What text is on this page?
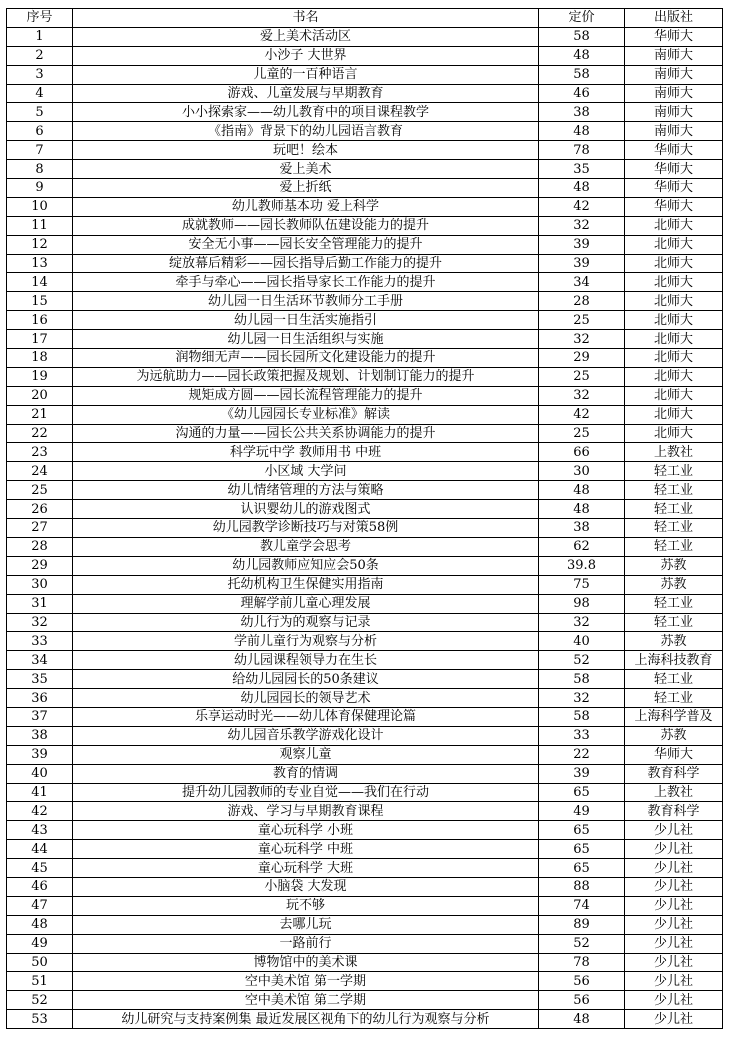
序号	书名	定价	出版社
1	爱上美术活动区	58	华师大
2	小沙子 大世界	48	南师大
3	儿童的一百种语言	58	南师大
4	游戏、儿童发展与早期教育	46	南师大
5	小小探索家——幼儿教育中的项目课程教学	38	南师大
6	《指南》背景下的幼儿园语言教育	48	南师大
7	玩吧！绘本	78	华师大
8	爱上美术	35	华师大
9	爱上折纸	48	华师大
10	幼儿教师基本功 爱上科学	42	华师大
11	成就教师——园长教师队伍建设能力的提升	32	北师大
12	安全无小事——园长安全管理能力的提升	39	北师大
13	绽放幕后精彩——园长指导后勤工作能力的提升	39	北师大
14	牵手与牵心——园长指导家长工作能力的提升	34	北师大
15	幼儿园一日生活环节教师分工手册	28	北师大
16	幼儿园一日生活实施指引	25	北师大
17	幼儿园一日生活组织与实施	32	北师大
18	润物细无声——园长园所文化建设能力的提升	29	北师大
19	为远航助力——园长政策把握及规划、计划制订能力的提升	25	北师大
20	规矩成方圆——园长流程管理能力的提升	32	北师大
21	《幼儿园园长专业标准》解读	42	北师大
22	沟通的力量——园长公共关系协调能力的提升	25	北师大
23	科学玩中学 教师用书 中班	66	上教社
24	小区域 大学问	30	轻工业
25	幼儿情绪管理的方法与策略	48	轻工业
26	认识婴幼儿的游戏图式	48	轻工业
27	幼儿园教学诊断技巧与对策58例	38	轻工业
28	教儿童学会思考	62	轻工业
29	幼儿园教师应知应会50条	39.8	苏教
30	托幼机构卫生保健实用指南	75	苏教
31	理解学前儿童心理发展	98	轻工业
32	幼儿行为的观察与记录	32	轻工业
33	学前儿童行为观察与分析	40	苏教
34	幼儿园课程领导力在生长	52	上海科技教育
35	给幼儿园园长的50条建议	58	轻工业
36	幼儿园园长的领导艺术	32	轻工业
37	乐享运动时光——幼儿体育保健理论篇	58	上海科学普及
38	幼儿园音乐教学游戏化设计	33	苏教
39	观察儿童	22	华师大
40	教育的情调	39	教育科学
41	提升幼儿园教师的专业自觉——我们在行动	65	上教社
42	游戏、学习与早期教育课程	49	教育科学
43	童心玩科学 小班	65	少儿社
44	童心玩科学 中班	65	少儿社
45	童心玩科学 大班	65	少儿社
46	小脑袋 大发现	88	少儿社
47	玩不够	74	少儿社
48	去哪儿玩	89	少儿社
49	一路前行	52	少儿社
50	博物馆中的美术课	78	少儿社
51	空中美术馆 第一学期	56	少儿社
52	空中美术馆 第二学期	56	少儿社
53	幼儿研究与支持案例集 最近发展区视角下的幼儿行为观察与分析	48	少儿社
